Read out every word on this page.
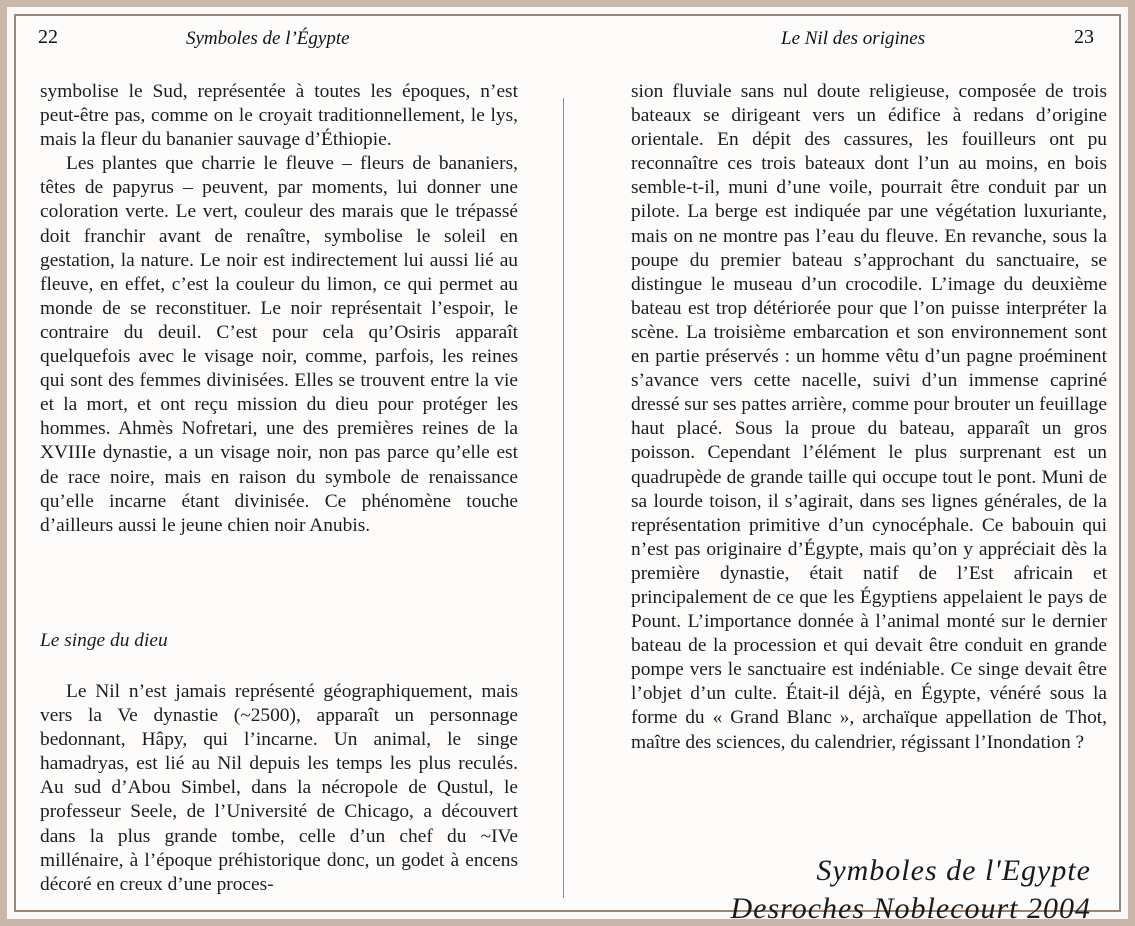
22	Symboles de l’Égypte

symbolise le Sud, représentée à toutes les époques, n’est peut-être pas, comme on le croyait traditionnellement, le lys, mais la fleur du bananier sauvage d’Éthiopie.

Les plantes que charrie le fleuve – fleurs de bananiers, têtes de papyrus – peuvent, par moments, lui donner une coloration verte. Le vert, couleur des marais que le trépassé doit franchir avant de renaître, symbolise le soleil en gestation, la nature. Le noir est indirectement lui aussi lié au fleuve, en effet, c’est la couleur du limon, ce qui permet au monde de se reconstituer. Le noir représentait l’espoir, le contraire du deuil. C’est pour cela qu’Osiris apparaît quelquefois avec le visage noir, comme, parfois, les reines qui sont des femmes divinisées. Elles se trouvent entre la vie et la mort, et ont reçu mission du dieu pour protéger les hommes. Ahmès Nofretari, une des premières reines de la XVIIIe dynastie, a un visage noir, non pas parce qu’elle est de race noire, mais en raison du symbole de renaissance qu’elle incarne étant divinisée. Ce phénomène touche d’ailleurs aussi le jeune chien noir Anubis.

Le singe du dieu

Le Nil n’est jamais représenté géographiquement, mais vers la Ve dynastie (~2500), apparaît un personnage bedonnant, Hâpy, qui l’incarne. Un animal, le singe hamadryas, est lié au Nil depuis les temps les plus reculés. Au sud d’Abou Simbel, dans la nécropole de Qustul, le professeur Seele, de l’Université de Chicago, a découvert dans la plus grande tombe, celle d’un chef du ~IVe millénaire, à l’époque préhistorique donc, un godet à encens décoré en creux d’une proces-

Le Nil des origines	23

sion fluviale sans nul doute religieuse, composée de trois bateaux se dirigeant vers un édifice à redans d’origine orientale. En dépit des cassures, les fouilleurs ont pu reconnaître ces trois bateaux dont l’un au moins, en bois semble-t-il, muni d’une voile, pourrait être conduit par un pilote. La berge est indiquée par une végétation luxuriante, mais on ne montre pas l’eau du fleuve. En revanche, sous la poupe du premier bateau s’approchant du sanctuaire, se distingue le museau d’un crocodile. L’image du deuxième bateau est trop détériorée pour que l’on puisse interpréter la scène. La troisième embarcation et son environnement sont en partie préservés : un homme vêtu d’un pagne proéminent s’avance vers cette nacelle, suivi d’un immense capriné dressé sur ses pattes arrière, comme pour brouter un feuillage haut placé. Sous la proue du bateau, apparaît un gros poisson. Cependant l’élément le plus surprenant est un quadrupède de grande taille qui occupe tout le pont. Muni de sa lourde toison, il s’agirait, dans ses lignes générales, de la représentation primitive d’un cynocéphale. Ce babouin qui n’est pas originaire d’Égypte, mais qu’on y appréciait dès la première dynastie, était natif de l’Est africain et principalement de ce que les Égyptiens appelaient le pays de Pount. L’importance donnée à l’animal monté sur le dernier bateau de la procession et qui devait être conduit en grande pompe vers le sanctuaire est indéniable. Ce singe devait être l’objet d’un culte. Était-il déjà, en Égypte, vénéré sous la forme du « Grand Blanc », archaïque appellation de Thot, maître des sciences, du calendrier, régissant l’Inondation ?

Symboles de l'Egypte
Desroches Noblecourt 2004
